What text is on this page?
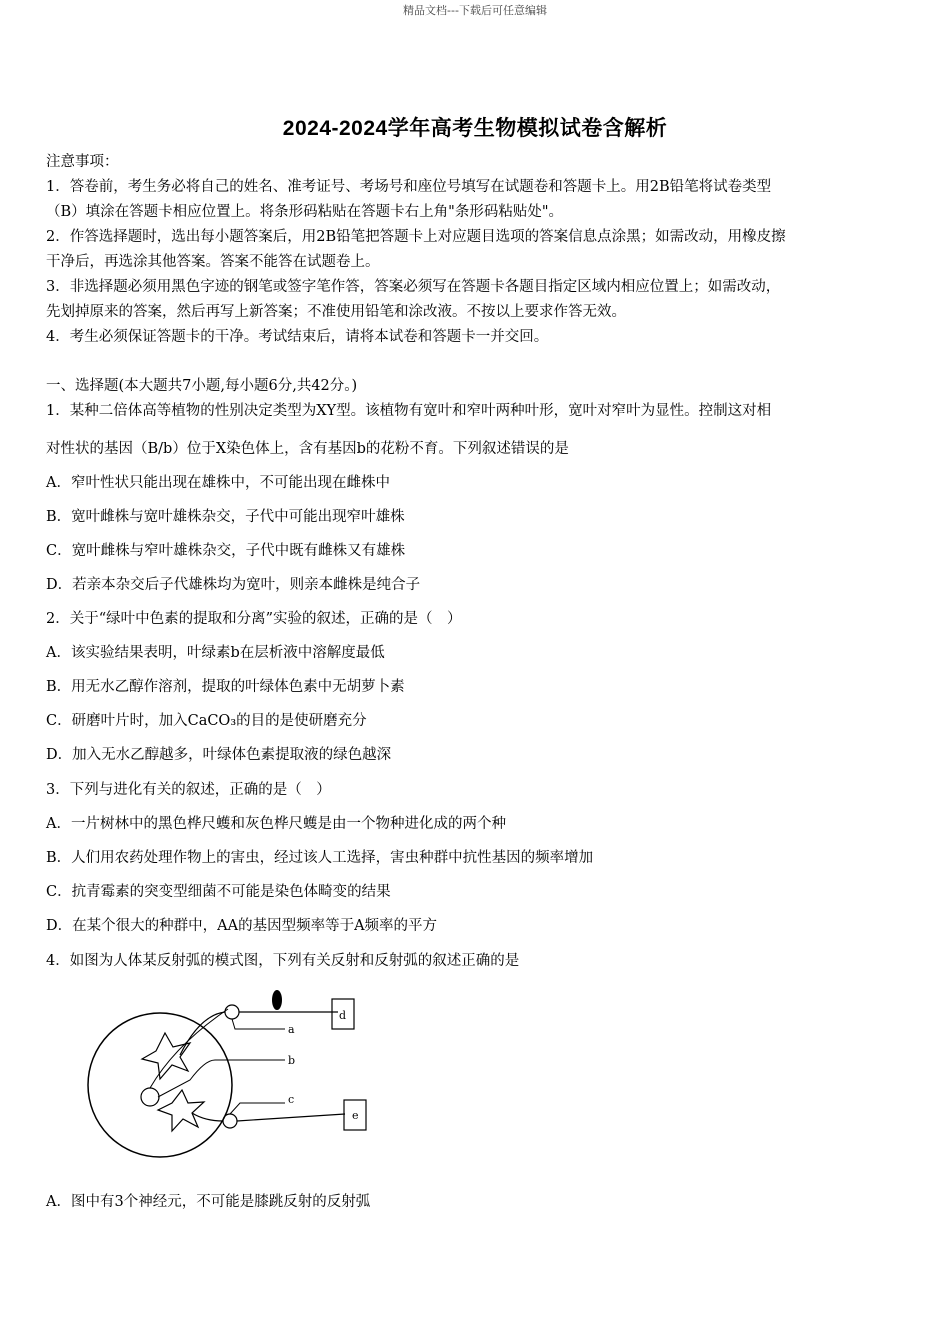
精品文档---下载后可任意编辑
2024-2024学年高考生物模拟试卷含解析
注意事项：
1．答卷前，考生务必将自己的姓名、准考证号、考场号和座位号填写在试题卷和答题卡上。用2B铅笔将试卷类型
（B）填涂在答题卡相应位置上。将条形码粘贴在答题卡右上角"条形码粘贴处"。
2．作答选择题时，选出每小题答案后，用2B铅笔把答题卡上对应题目选项的答案信息点涂黑；如需改动，用橡皮擦
干净后，再选涂其他答案。答案不能答在试题卷上。
3．非选择题必须用黑色字迹的钢笔或签字笔作答，答案必须写在答题卡各题目指定区域内相应位置上；如需改动，
先划掉原来的答案，然后再写上新答案；不准使用铅笔和涂改液。不按以上要求作答无效。
4．考生必须保证答题卡的干净。考试结束后，请将本试卷和答题卡一并交回。
一、选择题(本大题共7小题,每小题6分,共42分。)
1．某种二倍体高等植物的性别决定类型为XY型。该植物有宽叶和窄叶两种叶形，宽叶对窄叶为显性。控制这对相
对性状的基因（B/b）位于X染色体上，含有基因b的花粉不育。下列叙述错误的是
A．窄叶性状只能出现在雄株中，不可能出现在雌株中
B．宽叶雌株与宽叶雄株杂交，子代中可能出现窄叶雄株
C．宽叶雌株与窄叶雄株杂交，子代中既有雌株又有雄株
D．若亲本杂交后子代雄株均为宽叶，则亲本雌株是纯合子
2．关于“绿叶中色素的提取和分离”实验的叙述，正确的是（　）
A．该实验结果表明，叶绿素b在层析液中溶解度最低
B．用无水乙醇作溶剂，提取的叶绿体色素中无胡萝卜素
C．研磨叶片时，加入CaCO₃的目的是使研磨充分
D．加入无水乙醇越多，叶绿体色素提取液的绿色越深
3．下列与进化有关的叙述，正确的是（　）
A．一片树林中的黑色桦尺蠖和灰色桦尺蠖是由一个物种进化成的两个种
B．人们用农药处理作物上的害虫，经过该人工选择，害虫种群中抗性基因的频率增加
C．抗青霉素的突变型细菌不可能是染色体畸变的结果
D．在某个很大的种群中，AA的基因型频率等于A频率的平方
4．如图为人体某反射弧的模式图，下列有关反射和反射弧的叙述正确的是
a
b
c
d
e
A．图中有3个神经元，不可能是膝跳反射的反射弧
